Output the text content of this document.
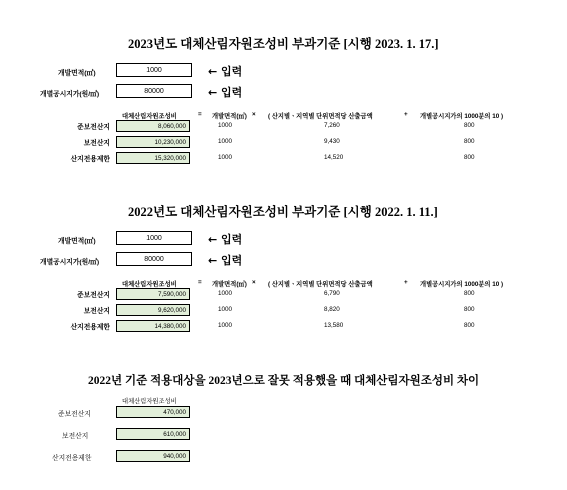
2023년도 대체산림자원조성비 부과기준 [시행 2023. 1. 17.]
개발면적(㎡)	1000	← 입력
개별공시지가(원/㎡)	80000	← 입력
대체산림자원조성비	= 개발면적(㎡) × ( 산지별ㆍ지역별 단위면적당 산출금액	+ 개별공시지가의 1000분의 10 )
준보전산지	8,060,000	1000	7,260	800
보전산지	10,230,000	1000	9,430	800
산지전용제한	15,320,000	1000	14,520	800
2022년도 대체산림자원조성비 부과기준 [시행 2022. 1. 11.]
개발면적(㎡)	1000	← 입력
개별공시지가(원/㎡)	80000	← 입력
대체산림자원조성비	= 개발면적(㎡) × ( 산지별ㆍ지역별 단위면적당 산출금액	+ 개별공시지가의 1000분의 10 )
준보전산지	7,590,000	1000	6,790	800
보전산지	9,620,000	1000	8,820	800
산지전용제한	14,380,000	1000	13,580	800
2022년 기준 적용대상을 2023년으로 잘못 적용했을 때 대체산림자원조성비 차이
대체산림자원조성비
준보전산지	470,000
보전산지	610,000
산지전용제한	940,000
